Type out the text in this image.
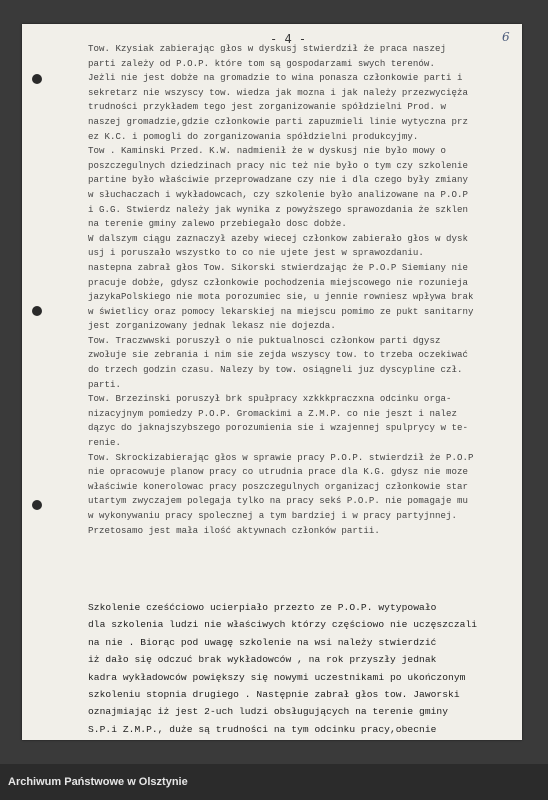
- 4 -	6
Tow. Kzysiak zabierając głos w dyskusj stwierdził że praca naszej
parti zależy od P.O.P. które tom są gospodarzami swych terenów.
Jeżli nie jest dobże na gromadzie to wina ponasza członkowie parti i
sekretarz nie wszyscy tow. wiedza jak mozna i jak należy przezwycięża
trudności przykładem tego jest zorganizowanie spółdzielni Prod. w
naszej gromadzie,gdzie członkowie parti zapuzmieli linie wytyczna prz
ez K.C. i pomogli do zorganizowania spółdzielni produkcyjmy.
Tow . Kaminski Przed. K.W. nadmienił że w dyskusj nie było mowy o
poszczegulnych dziedzinach pracy nic też nie było o tym czy szkolenie
partine było właściwie przeprowadzane czy nie i dla czego były zmiany
w słuchaczach i wykładowcach, czy szkolenie było analizowane na P.O.P
i G.G. Stwierdz należy jak wynika z powyższego sprawozdania że szklen
na terenie gminy zalewo przebiegało dosc dobże.
W dalszym ciągu zaznaczył azeby wiecej członkow zabierało głos w dysk
usj i poruszało wszystko to co nie ujete jest w sprawozdaniu.
nastepna zabrał głos Tow. Sikorski stwierdzając że P.O.P Siemiany nie
pracuje dobże, gdysz członkowie pochodzenia miejscowego nie rozunieja
jazykaPolskiego nie mota porozumiec sie, u jennie rowniesz wpływa brak
w świetlicy oraz pomocy lekarskiej na miejscu pomimo ze pukt sanitarny
jest zorganizowany jednak lekasz nie dojezda.
Tow. Traczwwski poruszył o nie puktualnosci członkow parti dgysz
zwołuje sie zebrania i nim sie zejda wszyscy tow. to trzeba oczekiwać
do trzech godzin czasu. Nalezy by tow. osiągneli juz dyscypline czł.
parti.
Tow. Brzezinski poruszył brk spułpracy xzkkkpraczxna odcinku orga-
nizacyjnym pomiedzy P.O.P. Gromackimi a Z.M.P. co nie jeszt i nalez
dązyc do jaknajszybszego porozumienia sie i wzajennej spulprycy w te-
renie.
Tow. Skrockizabierając głos w sprawie pracy P.O.P. stwierdził że P.O.P
nie opracowuje planow pracy co utrudnia prace dla K.G. gdysz nie moze
właściwie konerolowac pracy poszczegulnych organizacj członkowie star
utartym zwyczajem polegaja tylko na pracy sekś P.O.P. nie pomagaje mu
w wykonywaniu pracy spolecznej a tym bardziej i w pracy partyjnnej.
Przetosamo jest mała ilość aktywnach członków partii.
Szkolenie cześćciowo ucierpiało przezto ze P.O.P. wytypowało
dla szkolenia ludzi nie właściwych którzy częściowo nie uczęszczali
na nie . Biorąc pod uwagę szkolenie na wsi należy stwierdzić
iż dało się odczuć brak wykładowców , na rok przyszły jednak
kadra wykładowców powiększy się nowymi uczestnikami po ukończonym
szkoleniu stopnia drugiego . Następnie zabrał głos tow. Jaworski
oznajmiając iż jest 2-uch ludzi obsługujących na terenie gminy
S.P.i Z.M.P., duże są trudności na tym odcinku pracy,obecnie
Archiwum Państwowe w Olsztynie
